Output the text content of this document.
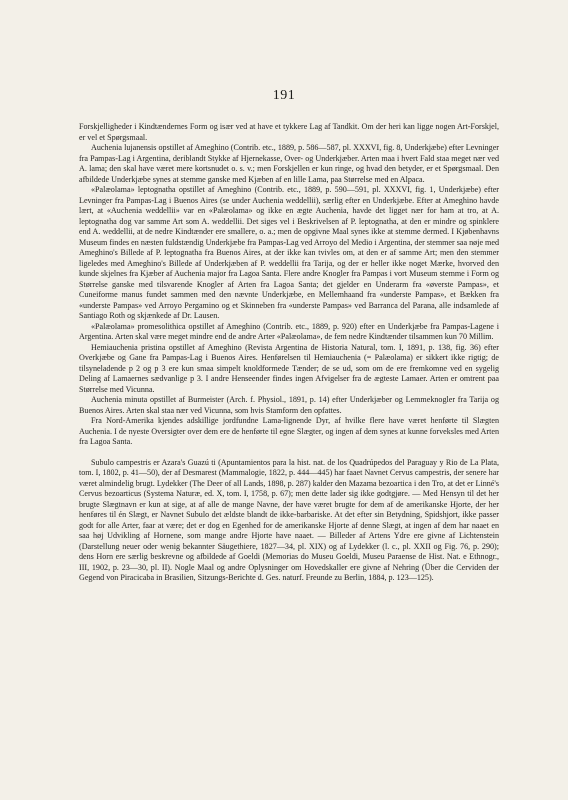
191

Forskjelligheder i Kindtændernes Form og især ved at have et tykkere Lag af Tandkit. Om der heri kan ligge nogen Art-Forskjel, er vel et Spørgsmaal.

Auchenia lujanensis opstillet af Ameghino (Contrib. etc., 1889, p. 586—587, pl. XXXVI, fig. 8, Underkjæbe) efter Levninger fra Pampas-Lag i Argentina, deriblandt Stykke af Hjernekasse, Over- og Underkjæber. Arten maa i hvert Fald staa meget nær ved A. lama; den skal have været mere kortsnudet o. s. v.; men Forskjellen er kun ringe, og hvad den betyder, er et Spørgsmaal. Den afbildede Underkjæbe synes at stemme ganske med Kjæben af en lille Lama, paa Størrelse med en Alpaca.

«Palæolama» leptognatha opstillet af Ameghino (Contrib. etc., 1889, p. 590—591, pl. XXXVI, fig. 1, Underkjæbe) efter Levninger fra Pampas-Lag i Buenos Aires (se under Auchenia weddellii), særlig efter en Underkjæbe. Efter at Ameghino havde lært, at «Auchenia weddellii» var en «Palæolama» og ikke en ægte Auchenia, havde det ligget nær for ham at tro, at A. leptognatha dog var samme Art som A. weddellii. Det siges vel i Beskrivelsen af P. leptognatha, at den er mindre og spinklere end A. weddellii, at de nedre Kindtænder ere smallere, o. a.; men de opgivne Maal synes ikke at stemme dermed. I Kjøbenhavns Museum findes en næsten fuldstændig Underkjæbe fra Pampas-Lag ved Arroyo del Medio i Argentina, der stemmer saa nøje med Ameghino's Billede af P. leptognatha fra Buenos Aires, at der ikke kan tvivles om, at den er af samme Art; men den stemmer ligeledes med Ameghino's Billede af Underkjæben af P. weddellii fra Tarija, og der er heller ikke noget Mærke, hvorved den kunde skjelnes fra Kjæber af Auchenia major fra Lagoa Santa. Flere andre Knogler fra Pampas i vort Museum stemme i Form og Størrelse ganske med tilsvarende Knogler af Arten fra Lagoa Santa; det gjelder en Underarm fra «øverste Pampas», et Cuneiforme manus fundet sammen med den nævnte Underkjæbe, en Mellemhaand fra «underste Pampas», et Bækken fra «underste Pampas» ved Arroyo Pergamino og et Skinneben fra «underste Pampas» ved Barranca del Parana, alle indsamlede af Santiago Roth og skjænkede af Dr. Lausen.

«Palæolama» promesolithica opstillet af Ameghino (Contrib. etc., 1889, p. 920) efter en Underkjæbe fra Pampas-Lagene i Argentina. Arten skal være meget mindre end de andre Arter «Palæolama», de fem nedre Kindtænder tilsammen kun 70 Millim.

Hemiauchenia pristina opstillet af Ameghino (Revista Argentina de Historia Natural, tom. I, 1891, p. 138, fig. 36) efter Overkjæbe og Gane fra Pampas-Lag i Buenos Aires. Henførelsen til Hemiauchenia (= Palæolama) er sikkert ikke rigtig; de tilsyneladende p 2 og p 3 ere kun smaa simpelt knoldformede Tænder; de se ud, som om de ere fremkomne ved en sygelig Deling af Lamaernes sædvanlige p 3. I andre Henseender findes ingen Afvigelser fra de ægteste Lamaer. Arten er omtrent paa Størrelse med Vicunna.

Auchenia minuta opstillet af Burmeister (Arch. f. Physiol., 1891, p. 14) efter Underkjæber og Lemmeknogler fra Tarija og Buenos Aires. Arten skal staa nær ved Vicunna, som hvis Stamform den opfattes.

Fra Nord-Amerika kjendes adskillige jordfundne Lama-lignende Dyr, af hvilke flere have været henførte til Slægten Auchenia. I de nyeste Oversigter over dem ere de henførte til egne Slægter, og ingen af dem synes at kunne forveksles med Arten fra Lagoa Santa.

Subulo campestris er Azara's Guazú ti (Apuntamientos para la hist. nat. de los Quadrúpedos del Paraguay y Rio de La Plata, tom. I, 1802, p. 41—50), der af Desmarest (Mammalogie, 1822, p. 444—445) har faaet Navnet Cervus campestris, der senere har været almindelig brugt. Lydekker (The Deer of all Lands, 1898, p. 287) kalder den Mazama bezoartica i den Tro, at det er Linné's Cervus bezoarticus (Systema Naturæ, ed. X, tom. I, 1758, p. 67); men dette lader sig ikke godtgjøre. — Med Hensyn til det her brugte Slægtnavn er kun at sige, at af alle de mange Navne, der have været brugte for dem af de amerikanske Hjorte, der her henføres til én Slægt, er Navnet Subulo det ældste blandt de ikke-barbariske. At det efter sin Betydning, Spidshjort, ikke passer godt for alle Arter, faar at være; det er dog en Egenhed for de amerikanske Hjorte af denne Slægt, at ingen af dem har naaet en saa høj Udvikling af Hornene, som mange andre Hjorte have naaet. — Billeder af Artens Ydre ere givne af Lichtenstein (Darstellung neuer oder wenig bekannter Säugethiere, 1827—34, pl. XIX) og af Lydekker (l. c., pl. XXII og Fig. 76, p. 290); dens Horn ere særlig beskrevne og afbildede af Goeldi (Memorias do Museu Goeldi, Museu Paraense de Hist. Nat. e Ethnogr., III, 1902, p. 23—30, pl. II). Nogle Maal og andre Oplysninger om Hovedskaller ere givne af Nehring (Über die Cerviden der Gegend von Piracicaba in Brasilien, Sitzungs-Berichte d. Ges. naturf. Freunde zu Berlin, 1884, p. 123—125).
